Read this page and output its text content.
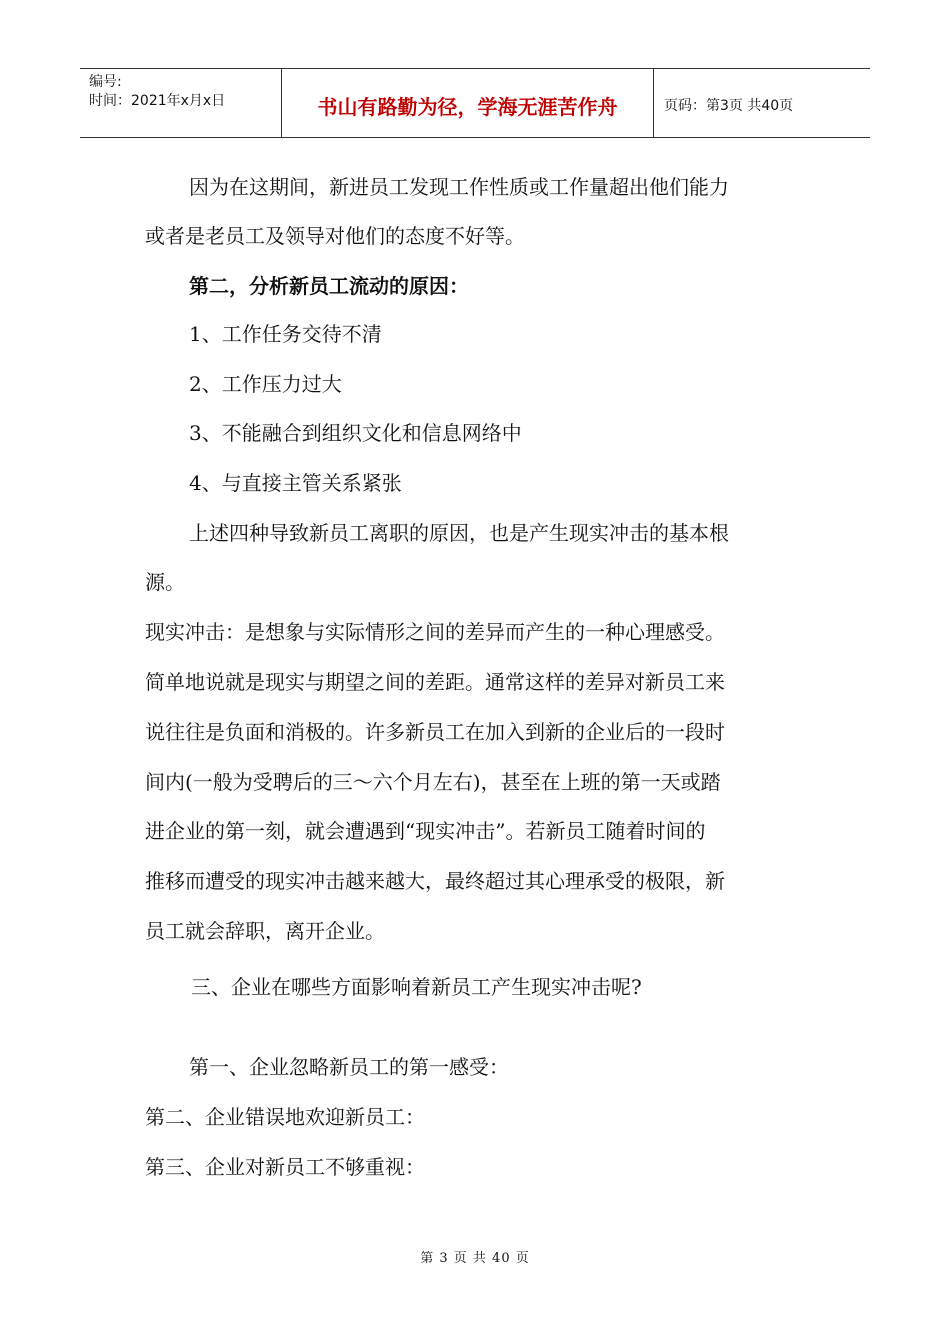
编号:
时间：2021年x月x日	书山有路勤为径，学海无涯苦作舟	页码：第3页 共40页
因为在这期间，新进员工发现工作性质或工作量超出他们能力
或者是老员工及领导对他们的态度不好等。
第二，分析新员工流动的原因：
1、工作任务交待不清
2、工作压力过大
3、不能融合到组织文化和信息网络中
4、与直接主管关系紧张
上述四种导致新员工离职的原因，也是产生现实冲击的基本根
源。
现实冲击：是想象与实际情形之间的差异而产生的一种心理感受。
简单地说就是现实与期望之间的差距。通常这样的差异对新员工来
说往往是负面和消极的。许多新员工在加入到新的企业后的一段时
间内(一般为受聘后的三～六个月左右)，甚至在上班的第一天或踏
进企业的第一刻，就会遭遇到“现实冲击”。若新员工随着时间的
推移而遭受的现实冲击越来越大，最终超过其心理承受的极限，新
员工就会辞职，离开企业。
三、企业在哪些方面影响着新员工产生现实冲击呢?
第一、企业忽略新员工的第一感受：
第二、企业错误地欢迎新员工：
第三、企业对新员工不够重视：
第 3 页 共 40 页
